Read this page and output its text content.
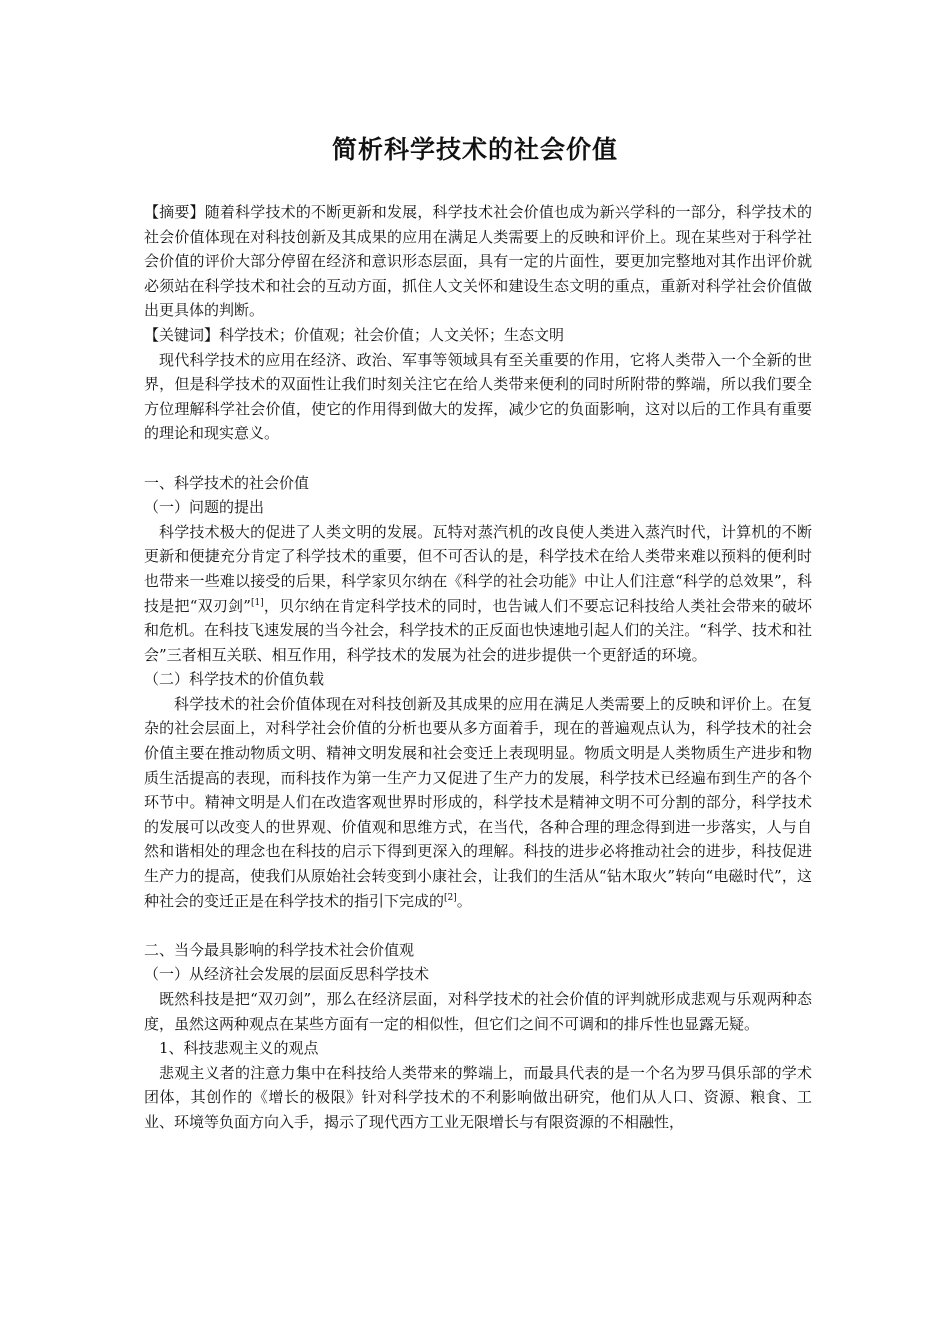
简析科学技术的社会价值

【摘要】随着科学技术的不断更新和发展，科学技术社会价值也成为新兴学科的一部分，科学技术的社会价值体现在对科技创新及其成果的应用在满足人类需要上的反映和评价上。现在某些对于科学社会价值的评价大部分停留在经济和意识形态层面，具有一定的片面性，要更加完整地对其作出评价就必须站在科学技术和社会的互动方面，抓住人文关怀和建设生态文明的重点，重新对科学社会价值做出更具体的判断。

【关键词】科学技术；价值观；社会价值；人文关怀；生态文明

现代科学技术的应用在经济、政治、军事等领域具有至关重要的作用，它将人类带入一个全新的世界，但是科学技术的双面性让我们时刻关注它在给人类带来便利的同时所附带的弊端，所以我们要全方位理解科学社会价值，使它的作用得到做大的发挥，减少它的负面影响，这对以后的工作具有重要的理论和现实意义。

一、科学技术的社会价值

（一）问题的提出

科学技术极大的促进了人类文明的发展。瓦特对蒸汽机的改良使人类进入蒸汽时代，计算机的不断更新和便捷充分肯定了科学技术的重要，但不可否认的是，科学技术在给人类带来难以预料的便利时也带来一些难以接受的后果，科学家贝尔纳在《科学的社会功能》中让人们注意“科学的总效果”，科技是把“双刃剑”[1]，贝尔纳在肯定科学技术的同时，也告诫人们不要忘记科技给人类社会带来的破坏和危机。在科技飞速发展的当今社会，科学技术的正反面也快速地引起人们的关注。“科学、技术和社会”三者相互关联、相互作用，科学技术的发展为社会的进步提供一个更舒适的环境。

（二）科学技术的价值负载

科学技术的社会价值体现在对科技创新及其成果的应用在满足人类需要上的反映和评价上。在复杂的社会层面上，对科学社会价值的分析也要从多方面着手，现在的普遍观点认为，科学技术的社会价值主要在推动物质文明、精神文明发展和社会变迁上表现明显。物质文明是人类物质生产进步和物质生活提高的表现，而科技作为第一生产力又促进了生产力的发展，科学技术已经遍布到生产的各个环节中。精神文明是人们在改造客观世界时形成的，科学技术是精神文明不可分割的部分，科学技术的发展可以改变人的世界观、价值观和思维方式，在当代，各种合理的理念得到进一步落实，人与自然和谐相处的理念也在科技的启示下得到更深入的理解。科技的进步必将推动社会的进步，科技促进生产力的提高，使我们从原始社会转变到小康社会，让我们的生活从“钻木取火”转向“电磁时代”，这种社会的变迁正是在科学技术的指引下完成的[2]。

二、当今最具影响的科学技术社会价值观

（一）从经济社会发展的层面反思科学技术

既然科技是把“双刃剑”，那么在经济层面，对科学技术的社会价值的评判就形成悲观与乐观两种态度，虽然这两种观点在某些方面有一定的相似性，但它们之间不可调和的排斥性也显露无疑。

1、科技悲观主义的观点

悲观主义者的注意力集中在科技给人类带来的弊端上，而最具代表的是一个名为罗马俱乐部的学术团体，其创作的《增长的极限》针对科学技术的不利影响做出研究，他们从人口、资源、粮食、工业、环境等负面方向入手，揭示了现代西方工业无限增长与有限资源的不相融性，
